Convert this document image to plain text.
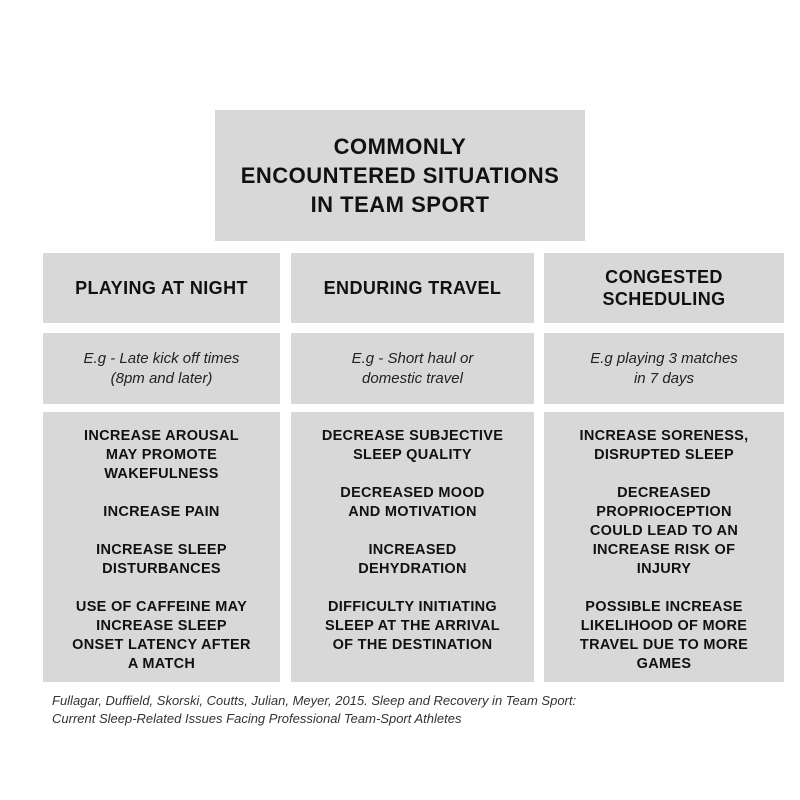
COMMONLY
ENCOUNTERED SITUATIONS
IN TEAM SPORT

PLAYING AT NIGHT	ENDURING TRAVEL
CONGESTED
SCHEDULING
E.g - Late kick off times
(8pm and later)
E.g - Short haul or
domestic travel
E.g playing 3 matches
in 7 days

INCREASE AROUSAL
MAY PROMOTE
WAKEFULNESS

INCREASE PAIN

INCREASE SLEEP
DISTURBANCES

USE OF CAFFEINE MAY
INCREASE SLEEP
ONSET LATENCY AFTER
A MATCH

DECREASE SUBJECTIVE
SLEEP QUALITY

DECREASED MOOD
AND MOTIVATION

INCREASED
DEHYDRATION

DIFFICULTY INITIATING
SLEEP AT THE ARRIVAL
OF THE DESTINATION

INCREASE SORENESS,
DISRUPTED SLEEP

DECREASED
PROPRIOCEPTION
COULD LEAD TO AN
INCREASE RISK OF
INJURY

POSSIBLE INCREASE
LIKELIHOOD OF MORE
TRAVEL DUE TO MORE
GAMES

Fullagar, Duffield, Skorski, Coutts, Julian, Meyer, 2015. Sleep and Recovery in Team Sport:
Current Sleep-Related Issues Facing Professional Team-Sport Athletes
